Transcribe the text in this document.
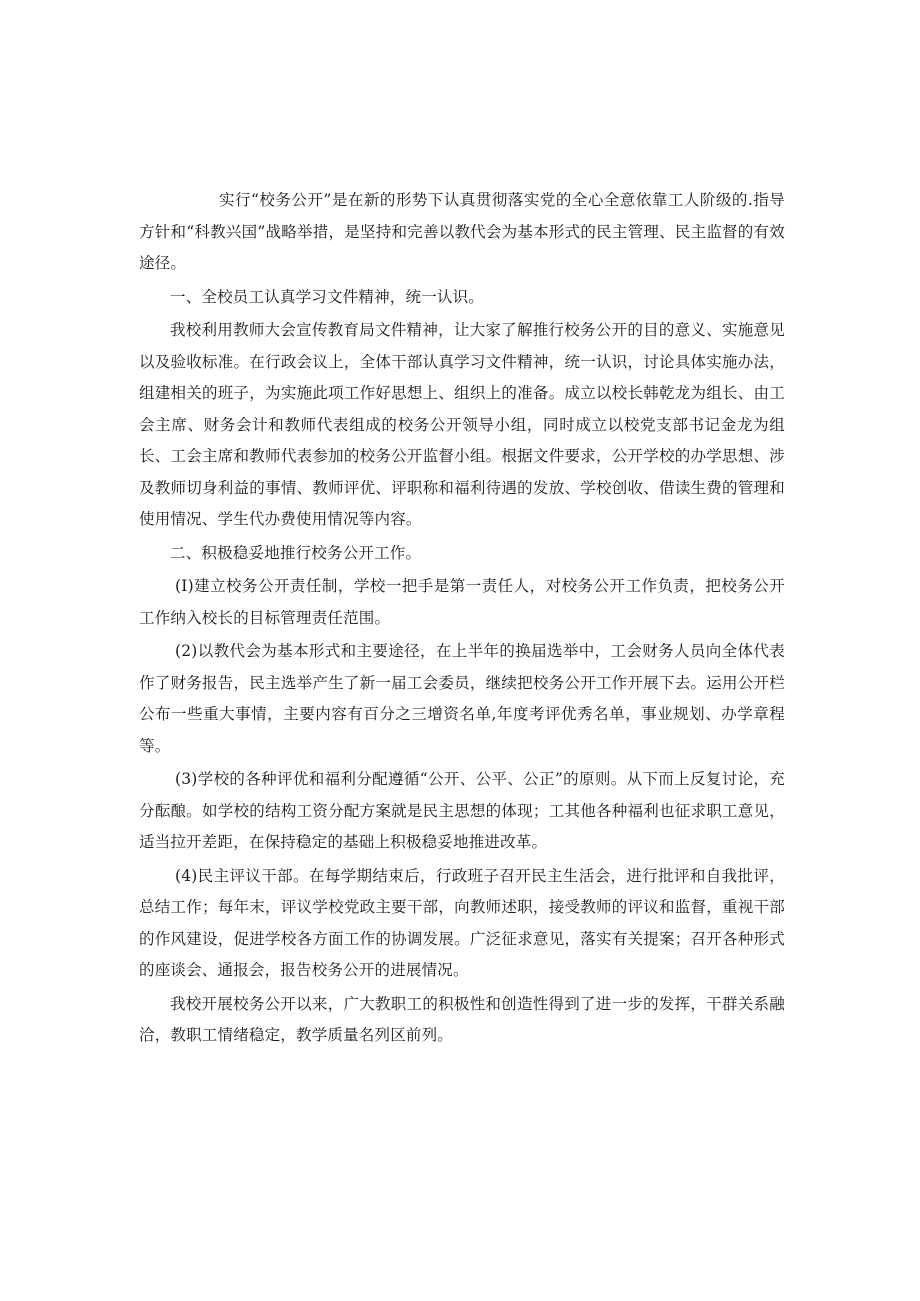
实行“校务公开”是在新的形势下认真贯彻落实党的全心全意依靠工人阶级的.指导方针和“科教兴国”战略举措，是坚持和完善以教代会为基本形式的民主管理、民主监督的有效途径。

一、全校员工认真学习文件精神，统一认识。

我校利用教师大会宣传教育局文件精神，让大家了解推行校务公开的目的意义、实施意见以及验收标准。在行政会议上，全体干部认真学习文件精神，统一认识，讨论具体实施办法，组建相关的班子，为实施此项工作好思想上、组织上的准备。成立以校长韩乾龙为组长、由工会主席、财务会计和教师代表组成的校务公开领导小组，同时成立以校党支部书记金龙为组长、工会主席和教师代表参加的校务公开监督小组。根据文件要求，公开学校的办学思想、涉及教师切身利益的事情、教师评优、评职称和福利待遇的发放、学校创收、借读生费的管理和使用情况、学生代办费使用情况等内容。

二、积极稳妥地推行校务公开工作。

(I)建立校务公开责任制，学校一把手是第一责任人，对校务公开工作负责，把校务公开工作纳入校长的目标管理责任范围。

(2)以教代会为基本形式和主要途径，在上半年的换届选举中，工会财务人员向全体代表作了财务报告，民主选举产生了新一届工会委员，继续把校务公开工作开展下去。运用公开栏公布一些重大事情，主要内容有百分之三增资名单,年度考评优秀名单，事业规划、办学章程等。

(3)学校的各种评优和福利分配遵循“公开、公平、公正”的原则。从下而上反复讨论，充分酝酿。如学校的结构工资分配方案就是民主思想的体现；工其他各种福利也征求职工意见，适当拉开差距，在保持稳定的基础上积极稳妥地推进改革。

(4)民主评议干部。在每学期结束后，行政班子召开民主生活会，进行批评和自我批评，总结工作；每年末，评议学校党政主要干部，向教师述职，接受教师的评议和监督，重视干部的作风建设，促进学校各方面工作的协调发展。广泛征求意见，落实有关提案；召开各种形式的座谈会、通报会，报告校务公开的进展情况。

我校开展校务公开以来，广大教职工的积极性和创造性得到了进一步的发挥，干群关系融洽，教职工情绪稳定，教学质量名列区前列。
